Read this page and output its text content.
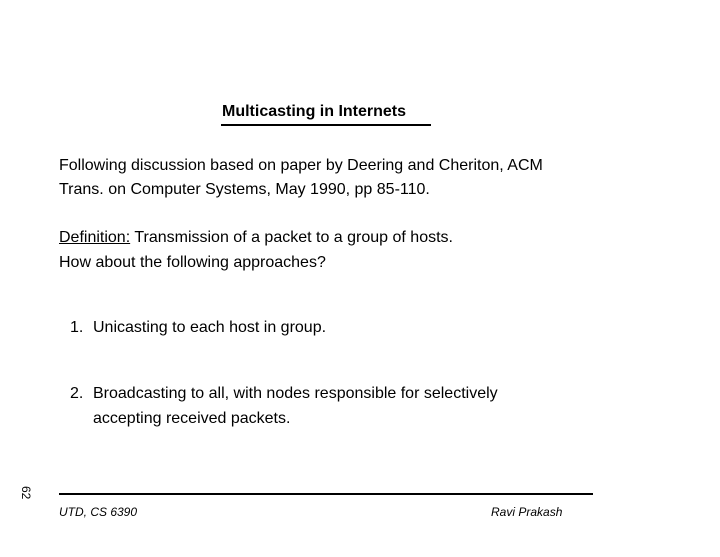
Multicasting in Internets

Following discussion based on paper by Deering and Cheriton, ACM

Trans. on Computer Systems, May 1990, pp 85-110.

Definition: Transmission of a packet to a group of hosts.

How about the following approaches?

1. Unicasting to each host in group.

2. Broadcasting to all, with nodes responsible for selectively

accepting received packets.

62
UTD, CS 6390	Ravi Prakash
